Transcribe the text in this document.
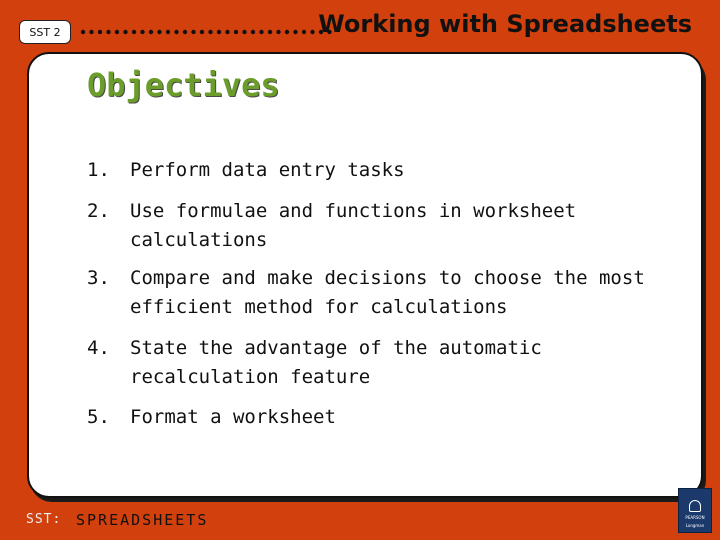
SST 2	Working with Spreadsheets
Objectives
1. Perform data entry tasks
2. Use formulae and functions in worksheet calculations
3. Compare and make decisions to choose the most efficient method for calculations
4. State the advantage of the automatic recalculation feature
5. Format a worksheet
SST: SPREADSHEETS	PEARSON
Longman
